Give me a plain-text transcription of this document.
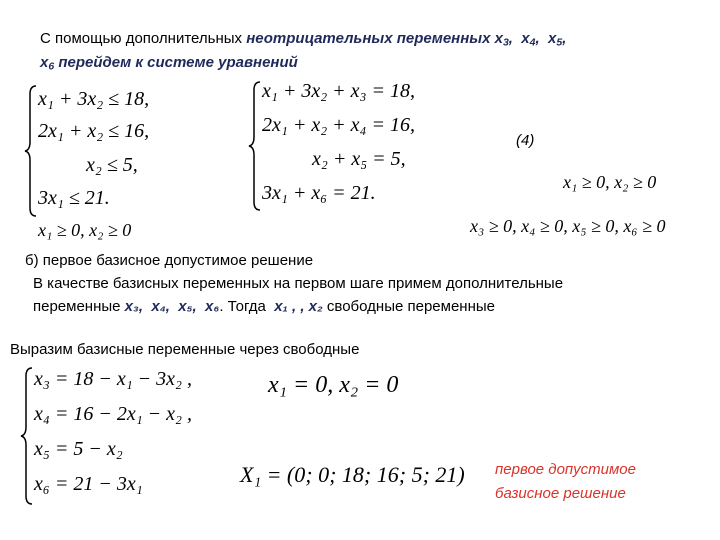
С помощью дополнительных неотрицательных переменных $x_3$,  $x_4$,  $x_5$,
$x_6$ перейдем к системе уравнений
x₁ + 3x₂ ≤ 18,
2x₁ + x₂ ≤ 16,
x₂ ≤ 5,
3x₁ ≤ 21.
x₁ ≥ 0, x₂ ≥ 0
x₁ + 3x₂ + x₃ = 18,
2x₁ + x₂ + x₄ = 16,
x₂ + x₅ = 5,
3x₁ + x₆ = 21.
(4)
x₁ ≥ 0, x₂ ≥ 0
x₃ ≥ 0, x₄ ≥ 0, x₅ ≥ 0, x₆ ≥ 0
б) первое базисное допустимое решение
В качестве базисных переменных на первом шаге примем дополнительные
переменные x₃, x₄, x₅, x₆. Тогда  x₁ , , x₂ свободные переменные
Выразим базисные переменные через свободные
x₃ = 18 − x₁ − 3x₂ ,
x₄ = 16 − 2x₁ − x₂ ,
x₅ = 5 − x₂
x₆ = 21 − 3x₁
x₁ = 0, x₂ = 0
X₁ = (0; 0; 18; 16; 5; 21) первое допустимое
базисное решение
